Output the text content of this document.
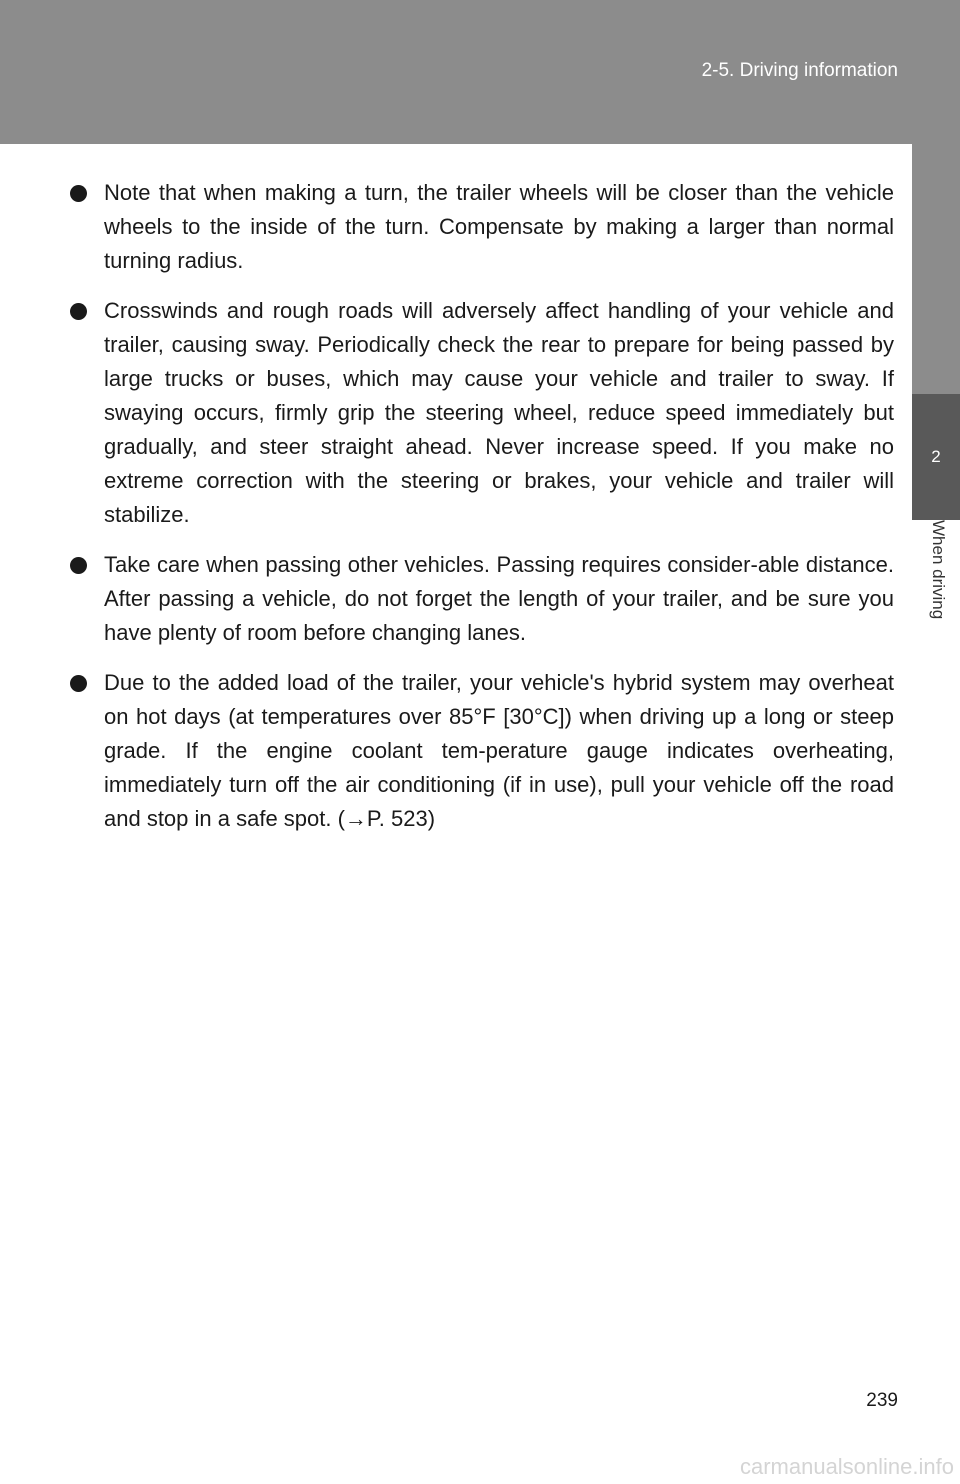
2-5. Driving information
2
When driving
Note that when making a turn, the trailer wheels will be closer than the vehicle wheels to the inside of the turn. Compensate by making a larger than normal turning radius.
Crosswinds and rough roads will adversely affect handling of your vehicle and trailer, causing sway. Periodically check the rear to prepare for being passed by large trucks or buses, which may cause your vehicle and trailer to sway. If swaying occurs, firmly grip the steering wheel, reduce speed immediately but gradually, and steer straight ahead. Never increase speed. If you make no extreme correction with the steering or brakes, your vehicle and trailer will stabilize.
Take care when passing other vehicles. Passing requires consider-able distance. After passing a vehicle, do not forget the length of your trailer, and be sure you have plenty of room before changing lanes.
Due to the added load of the trailer, your vehicle's hybrid system may overheat on hot days (at temperatures over 85°F [30°C]) when driving up a long or steep grade. If the engine coolant tem-perature gauge indicates overheating, immediately turn off the air conditioning (if in use), pull your vehicle off the road and stop in a safe spot. (→P. 523)
239
carmanualsonline.info
